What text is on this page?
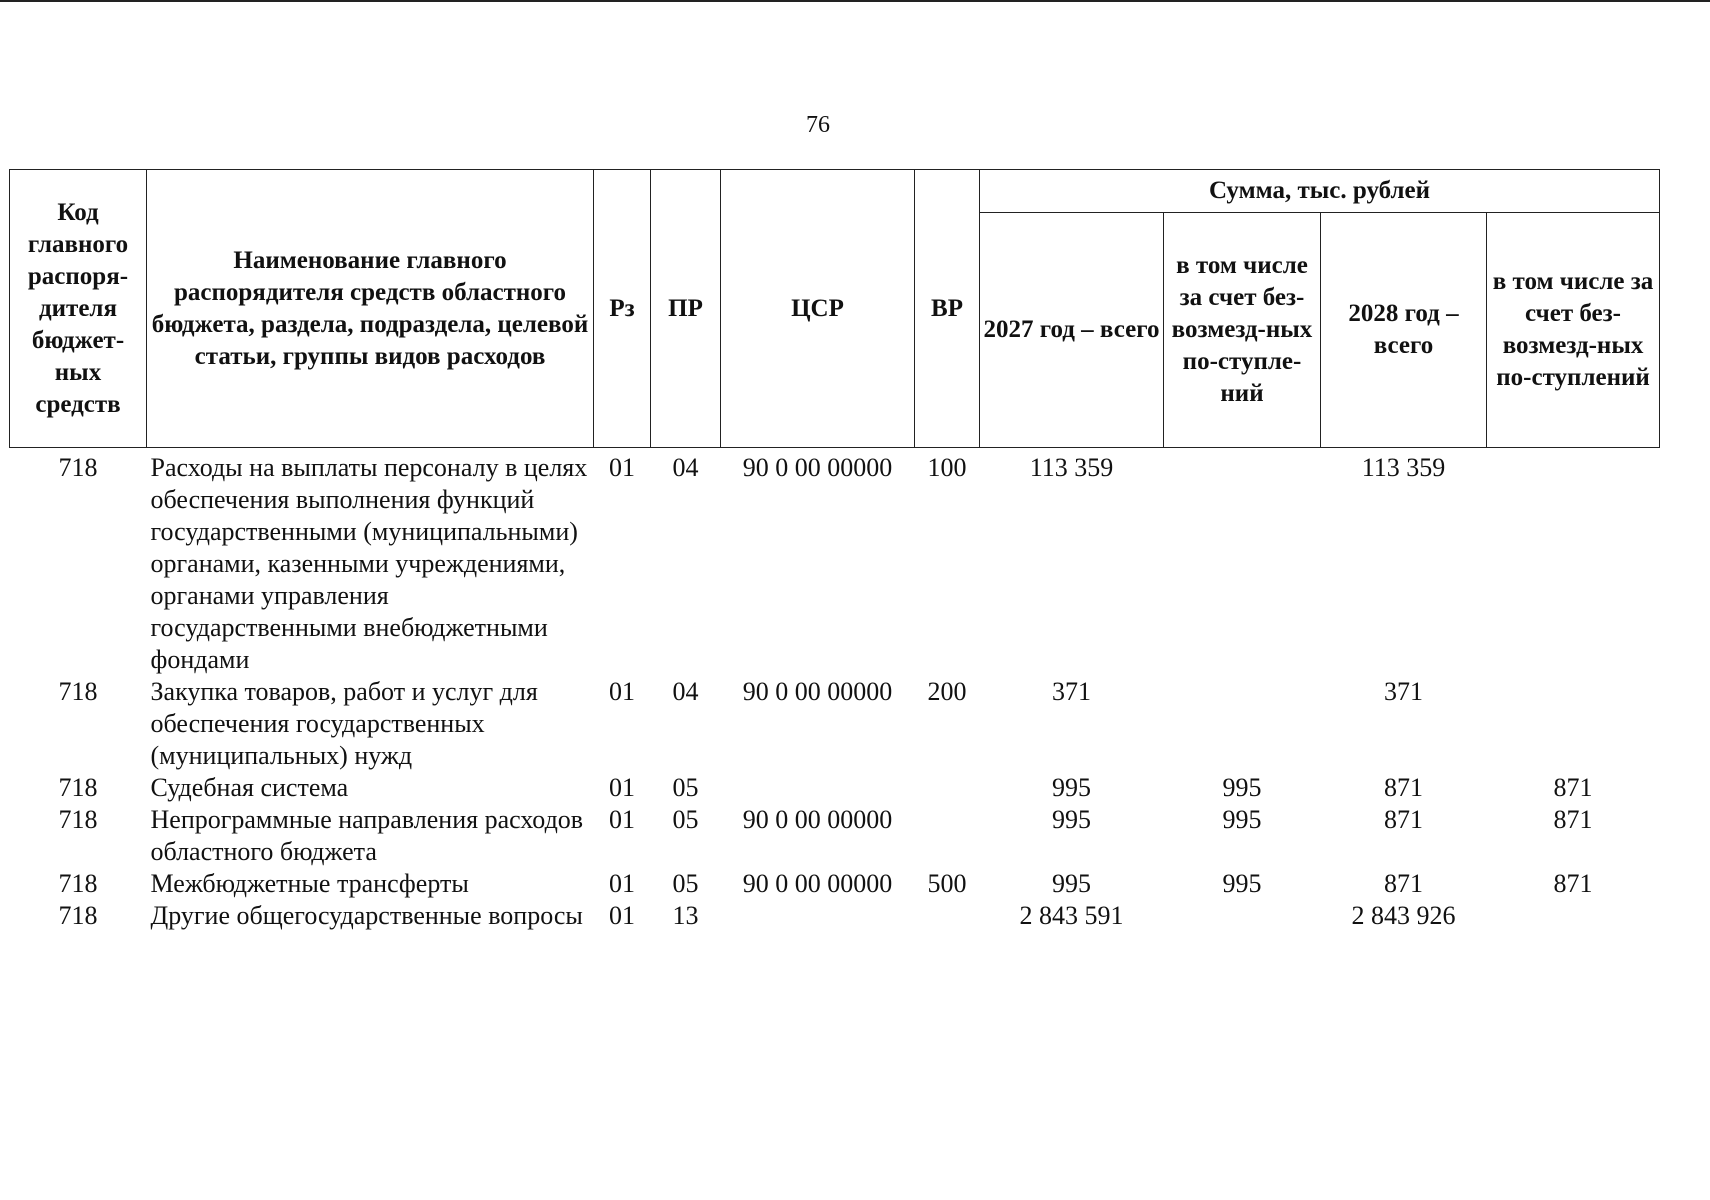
76
Код главного распоря-дителя бюджет-ных средств	Наименование главного распорядителя средств областного бюджета, раздела, подраздела, целевой статьи, группы видов расходов	Рз	ПР	ЦСР	ВР	Сумма, тыс. рублей			
						2027 год – всего	в том числе за счет без-возмезд-ных по-ступле-ний	2028 год – всего	в том числе за счет без-возмезд-ных по-ступлений
718	Расходы на выплаты персоналу в целях обеспечения выполнения функций государственными (муниципальными) органами, казенными учреждениями, органами управления государственными внебюджетными фондами	01	04	90 0 00 00000	100	113 359		113 359	
718	Закупка товаров, работ и услуг для обеспечения государственных (муниципальных) нужд	01	04	90 0 00 00000	200	371		371	
718	Судебная система	01	05			995	995	871	871
718	Непрограммные направления расходов областного бюджета	01	05	90 0 00 00000		995	995	871	871
718	Межбюджетные трансферты	01	05	90 0 00 00000	500	995	995	871	871
718	Другие общегосударственные вопросы	01	13			2 843 591		2 843 926	
